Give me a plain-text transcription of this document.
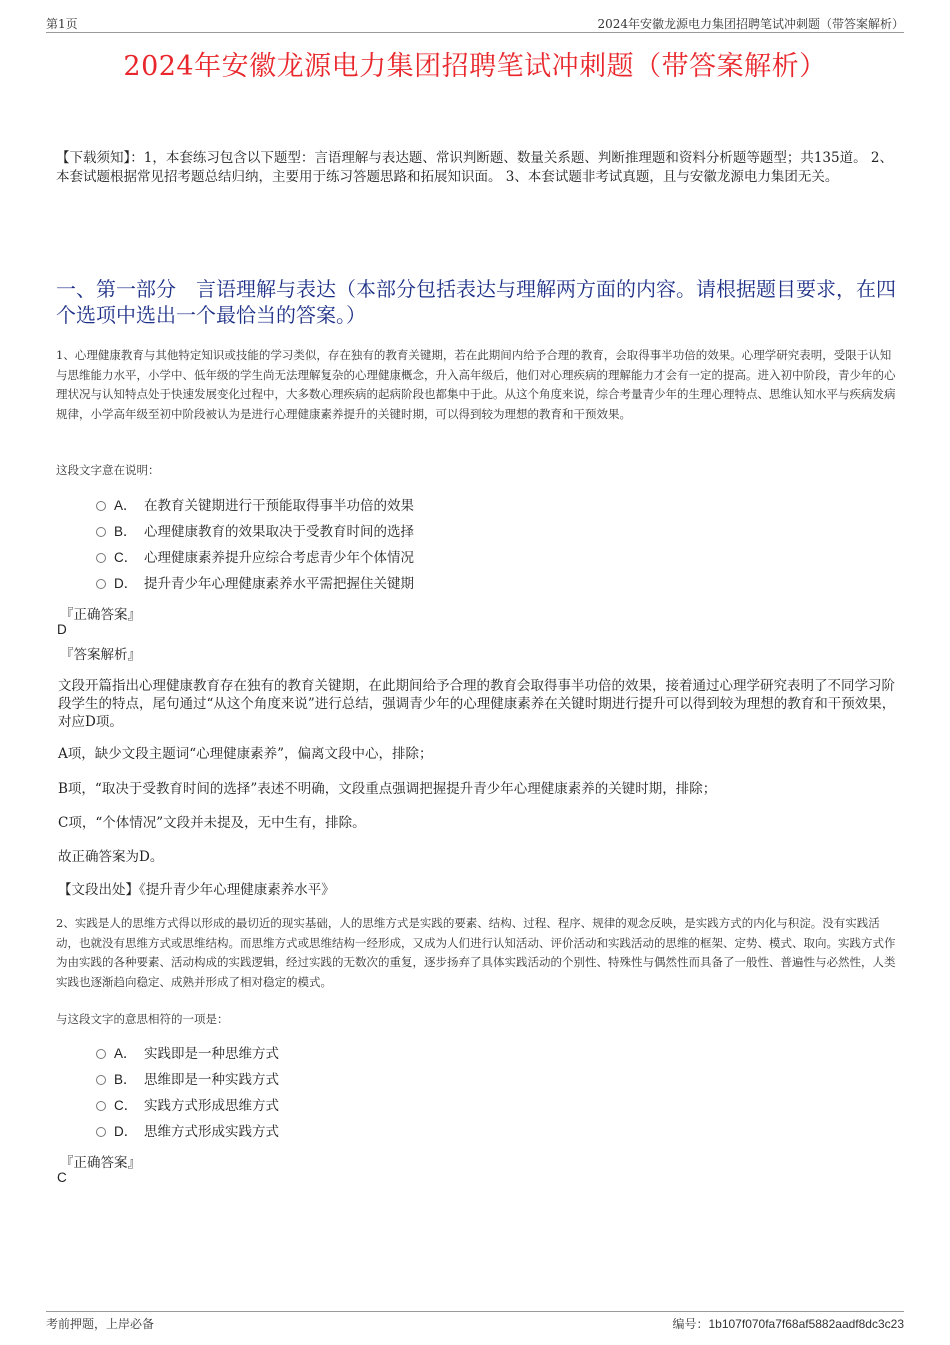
第1页	2024年安徽龙源电力集团招聘笔试冲刺题（带答案解析）
2024年安徽龙源电力集团招聘笔试冲刺题（带答案解析）
【下载须知】：1，本套练习包含以下题型：言语理解与表达题、常识判断题、数量关系题、判断推理题和资料分析题等题型；共135道。 2、本套试题根据常见招考题总结归纳，主要用于练习答题思路和拓展知识面。 3、本套试题非考试真题，且与安徽龙源电力集团无关。
一、第一部分　言语理解与表达（本部分包括表达与理解两方面的内容。请根据题目要求，在四个选项中选出一个最恰当的答案。）
1、心理健康教育与其他特定知识或技能的学习类似，存在独有的教育关键期，若在此期间内给予合理的教育，会取得事半功倍的效果。心理学研究表明，受限于认知与思维能力水平，小学中、低年级的学生尚无法理解复杂的心理健康概念，升入高年级后，他们对心理疾病的理解能力才会有一定的提高。进入初中阶段，青少年的心理状况与认知特点处于快速发展变化过程中，大多数心理疾病的起病阶段也都集中于此。从这个角度来说，综合考量青少年的生理心理特点、思维认知水平与疾病发病规律，小学高年级至初中阶段被认为是进行心理健康素养提升的关键时期，可以得到较为理想的教育和干预效果。
这段文字意在说明：
A． 在教育关键期进行干预能取得事半功倍的效果
B． 心理健康教育的效果取决于受教育时间的选择
C． 心理健康素养提升应综合考虑青少年个体情况
D． 提升青少年心理健康素养水平需把握住关键期
『正确答案』
D
『答案解析』
文段开篇指出心理健康教育存在独有的教育关键期，在此期间给予合理的教育会取得事半功倍的效果，接着通过心理学研究表明了不同学习阶段学生的特点，尾句通过“从这个角度来说”进行总结，强调青少年的心理健康素养在关键时期进行提升可以得到较为理想的教育和干预效果，对应D项。
A项，缺少文段主题词“心理健康素养”，偏离文段中心，排除；
B项，“取决于受教育时间的选择”表述不明确，文段重点强调把握提升青少年心理健康素养的关键时期，排除；
C项，“个体情况”文段并未提及，无中生有，排除。
故正确答案为D。
【文段出处】《提升青少年心理健康素养水平》
2、实践是人的思维方式得以形成的最切近的现实基础，人的思维方式是实践的要素、结构、过程、程序、规律的观念反映，是实践方式的内化与积淀。没有实践活动，也就没有思维方式或思维结构。而思维方式或思维结构一经形成，又成为人们进行认知活动、评价活动和实践活动的思维的框架、定势、模式、取向。实践方式作为由实践的各种要素、活动构成的实践逻辑，经过实践的无数次的重复，逐步扬弃了具体实践活动的个别性、特殊性与偶然性而具备了一般性、普遍性与必然性，人类实践也逐渐趋向稳定、成熟并形成了相对稳定的模式。
与这段文字的意思相符的一项是：
A． 实践即是一种思维方式
B． 思维即是一种实践方式
C． 实践方式形成思维方式
D． 思维方式形成实践方式
『正确答案』
C
考前押题，上岸必备	编号：1b107f070fa7f68af5882aadf8dc3c23
